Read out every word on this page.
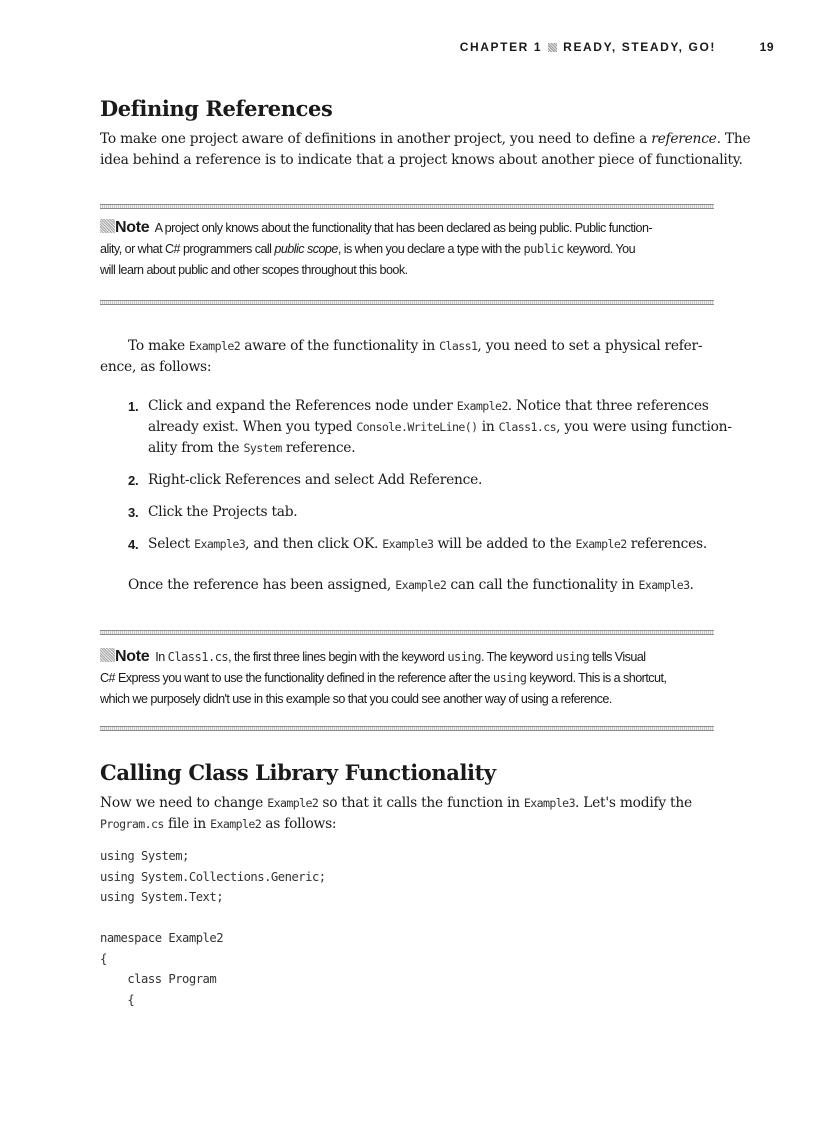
CHAPTER 1 READY, STEADY, GO!	19
Defining References

To make one project aware of definitions in another project, you need to define a reference. The

idea behind a reference is to indicate that a project knows about another piece of functionality.

Note A project only knows about the functionality that has been declared as being public. Public function-

ality, or what C# programmers call public scope, is when you declare a type with the public keyword. You

will learn about public and other scopes throughout this book.

To make Example2 aware of the functionality in Class1, you need to set a physical refer-

ence, as follows:

1. Click and expand the References node under Example2. Notice that three references

already exist. When you typed Console.WriteLine() in Class1.cs, you were using function-

ality from the System reference.

2. Right-click References and select Add Reference.

3. Click the Projects tab.

4. Select Example3, and then click OK. Example3 will be added to the Example2 references.

Once the reference has been assigned, Example2 can call the functionality in Example3.

Note In Class1.cs, the first three lines begin with the keyword using. The keyword using tells Visual

C# Express you want to use the functionality defined in the reference after the using keyword. This is a shortcut,

which we purposely didn't use in this example so that you could see another way of using a reference.

Calling Class Library Functionality

Now we need to change Example2 so that it calls the function in Example3. Let's modify the

Program.cs file in Example2 as follows:

using System;
using System.Collections.Generic;
using System.Text;

namespace Example2
{
class Program
{
